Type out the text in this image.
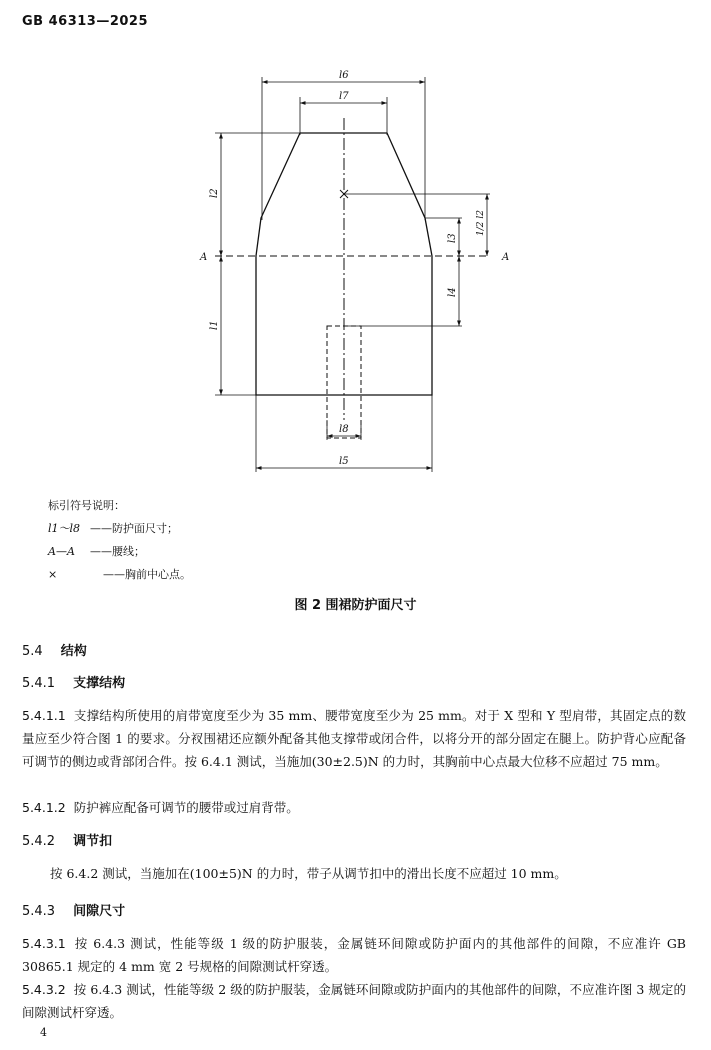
GB 46313—2025
l6
l7
l2
l1
l3
l4
1/2 l2
l5
l8
A	A
标引符号说明：
l1～l8 ——防护面尺寸；
A—A ——腰线；
×	——胸前中心点。
图 2 围裙防护面尺寸
5.4 结构
5.4.1 支撑结构
5.4.1.1 支撑结构所使用的肩带宽度至少为 35 mm、腰带宽度至少为 25 mm。对于 X 型和 Y 型肩带，其固定点的数量应至少符合图 1 的要求。分衩围裙还应额外配备其他支撑带或闭合件，以将分开的部分固定在腿上。防护背心应配备可调节的侧边或背部闭合件。按 6.4.1 测试，当施加(30±2.5)N 的力时，其胸前中心点最大位移不应超过 75 mm。
5.4.1.2 防护裤应配备可调节的腰带或过肩背带。
5.4.2 调节扣
按 6.4.2 测试，当施加在(100±5)N 的力时，带子从调节扣中的滑出长度不应超过 10 mm。
5.4.3 间隙尺寸
5.4.3.1 按 6.4.3 测试，性能等级 1 级的防护服装，金属链环间隙或防护面内的其他部件的间隙，不应准许 GB 30865.1 规定的 4 mm 宽 2 号规格的间隙测试杆穿透。
5.4.3.2 按 6.4.3 测试，性能等级 2 级的防护服装，金属链环间隙或防护面内的其他部件的间隙，不应准许图 3 规定的间隙测试杆穿透。
4
